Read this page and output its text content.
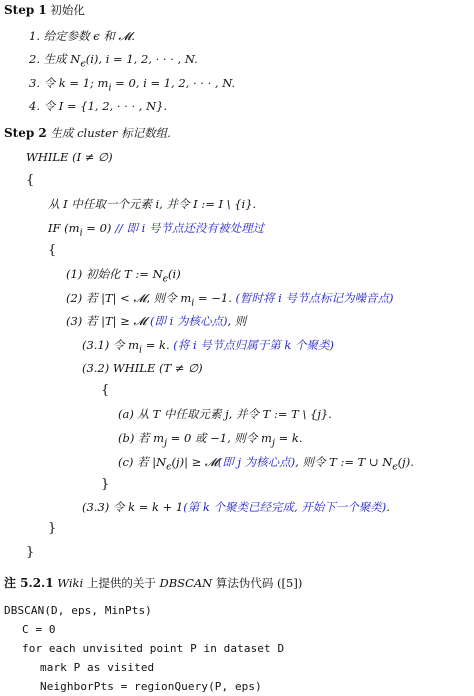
Step 1 初始化
1. 给定参数 ϵ 和 𝓜.
2. 生成 $N_\epsilon(i)$, i = 1, 2, · · · , N.
3. 令 k = 1; $m_i = 0$, i = 1, 2, · · · , N.
4. 令 I = {1, 2, · · · , N}.
Step 2 生成 cluster 标记数组.
WHILE (I ≠ ∅)
{
从 I 中任取一个元素 i, 并令 I := I \ {i}.
IF $(m_i = 0)$ // 即 i 号节点还没有被处理过
{
(1) 初始化 T := $N_\epsilon(i)$
(2) 若 |T| < 𝓜, 则令 $m_i = -1$. (暂时将 i 号节点标记为噪音点)
(3) 若 |T| ≥ 𝓜 (即 i 为核心点), 则
(3.1) 令 $m_i = k$. (将 i 号节点归属于第 k 个聚类)
(3.2) WHILE (T ≠ ∅)
{
(a) 从 T 中任取元素 j, 并令 T := T \ {j}.
(b) 若 $m_j = 0$ 或 −1, 则令 $m_j = k$.
(c) 若 $|N_\epsilon(j)|$ ≥ 𝓜(即 j 为核心点), 则令 T := T ∪ $N_\epsilon(j)$.
}
(3.3) 令 k = k + 1(第 k 个聚类已经完成, 开始下一个聚类).
}
}
注 5.2.1 Wiki 上提供的关于 DBSCAN 算法伪代码 ([5])
DBSCAN(D, eps, MinPts)
C = 0
for each unvisited point P in dataset D
mark P as visited
NeighborPts = regionQuery(P, eps)
